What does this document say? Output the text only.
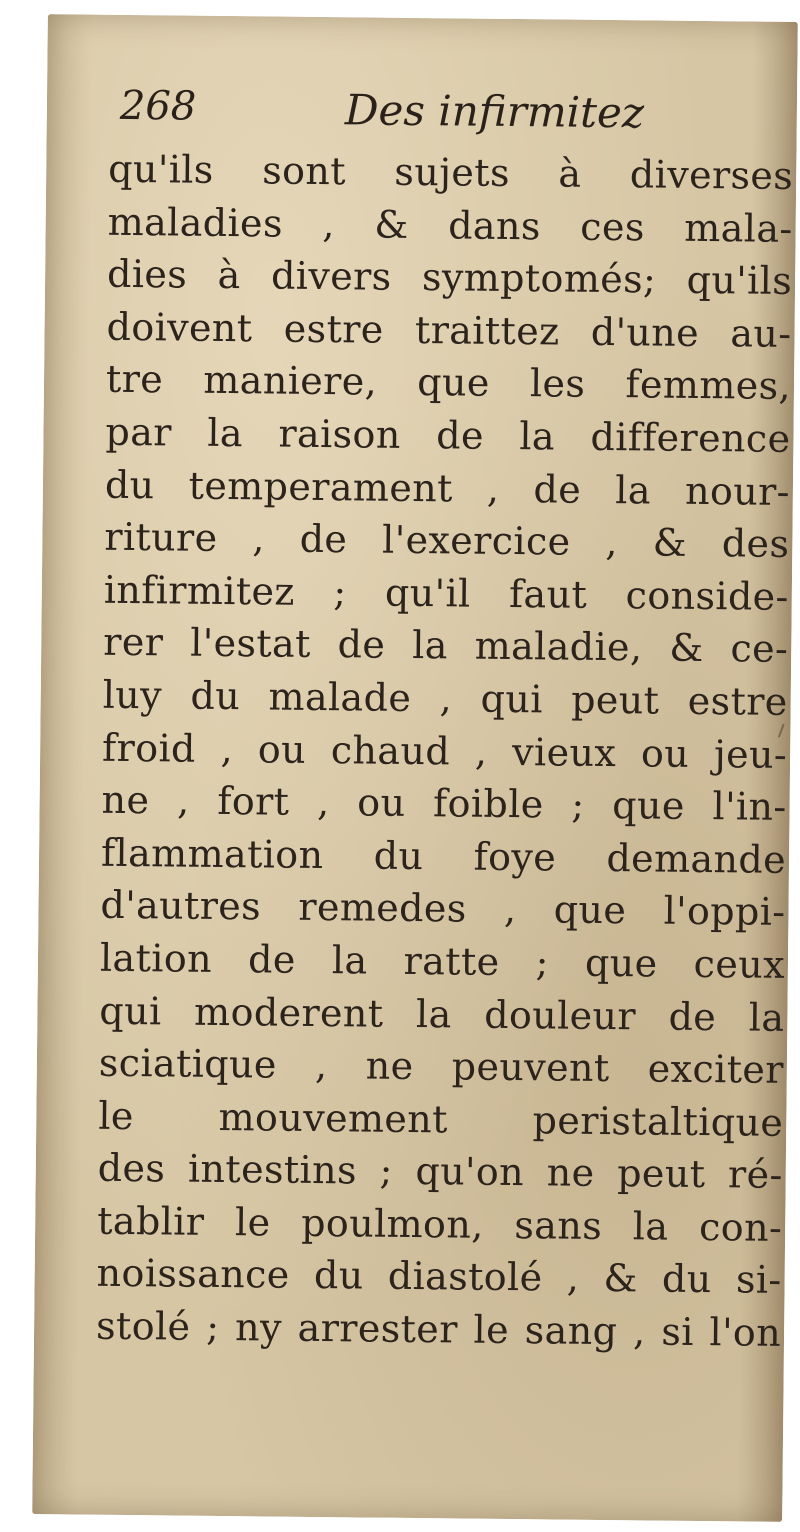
268	Des infirmitez
qu'ils sont sujets à diverses
maladies , & dans ces mala-
dies à divers symptomés; qu'ils
doivent estre traittez d'une au-
tre maniere, que les femmes,
par la raison de la difference
du temperament , de la nour-
riture , de l'exercice , & des
infirmitez ; qu'il faut conside-
rer l'estat de la maladie, & ce-
luy du malade , qui peut estre
froid , ou chaud , vieux ou jeu-
ne , fort , ou foible ; que l'in-
flammation du foye demande
d'autres remedes , que l'oppi-
lation de la ratte ; que ceux
qui moderent la douleur de la
sciatique , ne peuvent exciter
le mouvement peristaltique
des intestins ; qu'on ne peut ré-
tablir le poulmon, sans la con-
noissance du diastolé , & du si-
stolé ; ny arrester le sang , si l'on
